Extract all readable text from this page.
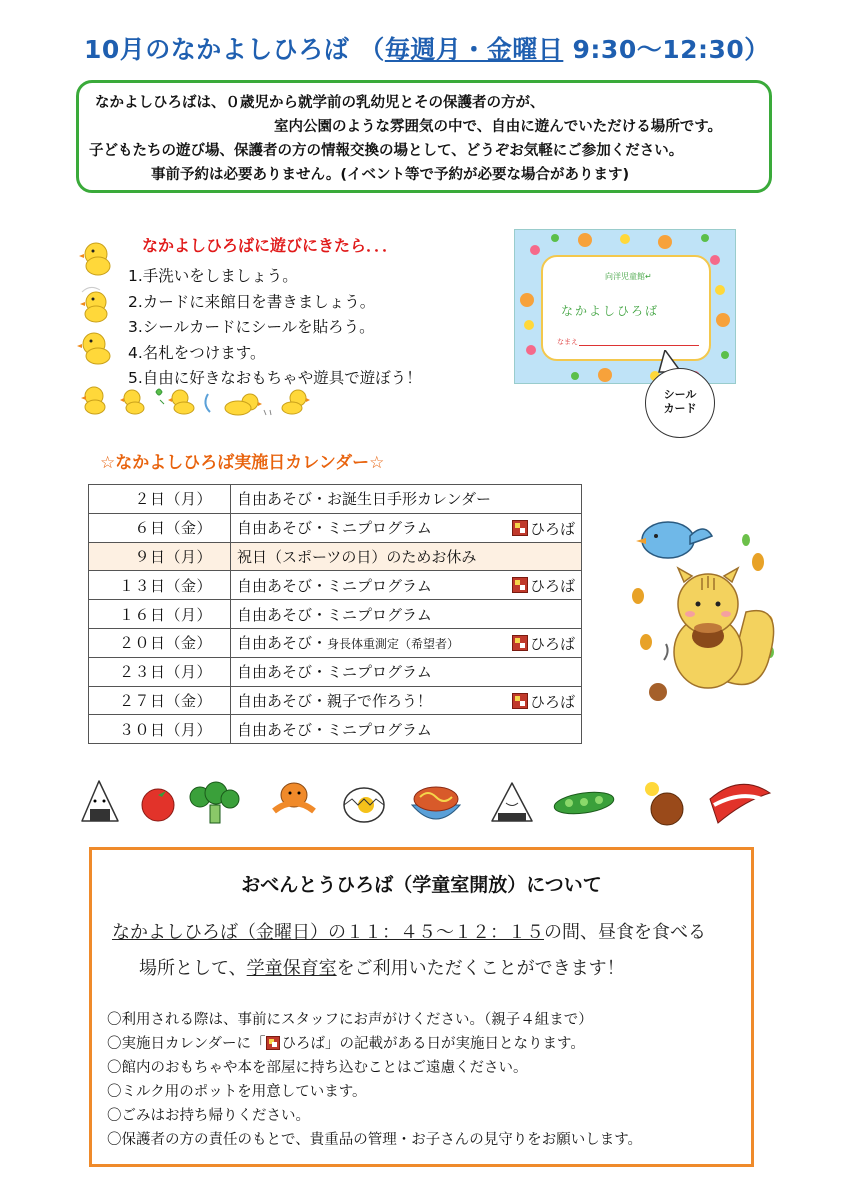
10月のなかよしひろば （毎週月・金曜日 9:30～12:30）
なかよしひろばは、０歳児から就学前の乳幼児とその保護者の方が、
室内公園のような雰囲気の中で、自由に遊んでいただける場所です。
子どもたちの遊び場、保護者の方の情報交換の場として、どうぞお気軽にご参加ください。
事前予約は必要ありません。(イベント等で予約が必要な場合があります)
なかよしひろばに遊びにきたら．．．
1.手洗いをしましょう。
2.カードに来館日を書きましょう。
3.シールカードにシールを貼ろう。
4.名札をつけます。
5.自由に好きなおもちゃや遊具で遊ぼう！
向洋児童館↵
なかよしひろば
なまえ
シール
カード
☆なかよしひろば実施日カレンダー☆
２日（月）	自由あそび・お誕生日手形カレンダー
６日（金）	自由あそび・ミニプログラム ひろば

９日（月）	祝日（スポーツの日）のためお休み
１３日（金）	自由あそび・ミニプログラム ひろば

１６日（月）	自由あそび・ミニプログラム
２０日（金）	自由あそび・身長体重測定（希望者） ひろば

２３日（月）	自由あそび・ミニプログラム
２７日（金）	自由あそび・親子で作ろう！ ひろば

３０日（月）	自由あそび・ミニプログラム
おべんとうひろば（学童室開放）について
なかよしひろば（金曜日）の１１：４５～１２：１５の間、昼食を食べる
場所として、学童保育室をご利用いただくことができます！
〇利用される際は、事前にスタッフにお声がけください。（親子４組まで）
〇実施日カレンダーに「 ひろば」の記載がある日が実施日となります。
〇館内のおもちゃや本を部屋に持ち込むことはご遠慮ください。
〇ミルク用のポットを用意しています。
〇ごみはお持ち帰りください。
〇保護者の方の責任のもとで、貴重品の管理・お子さんの見守りをお願いします。
